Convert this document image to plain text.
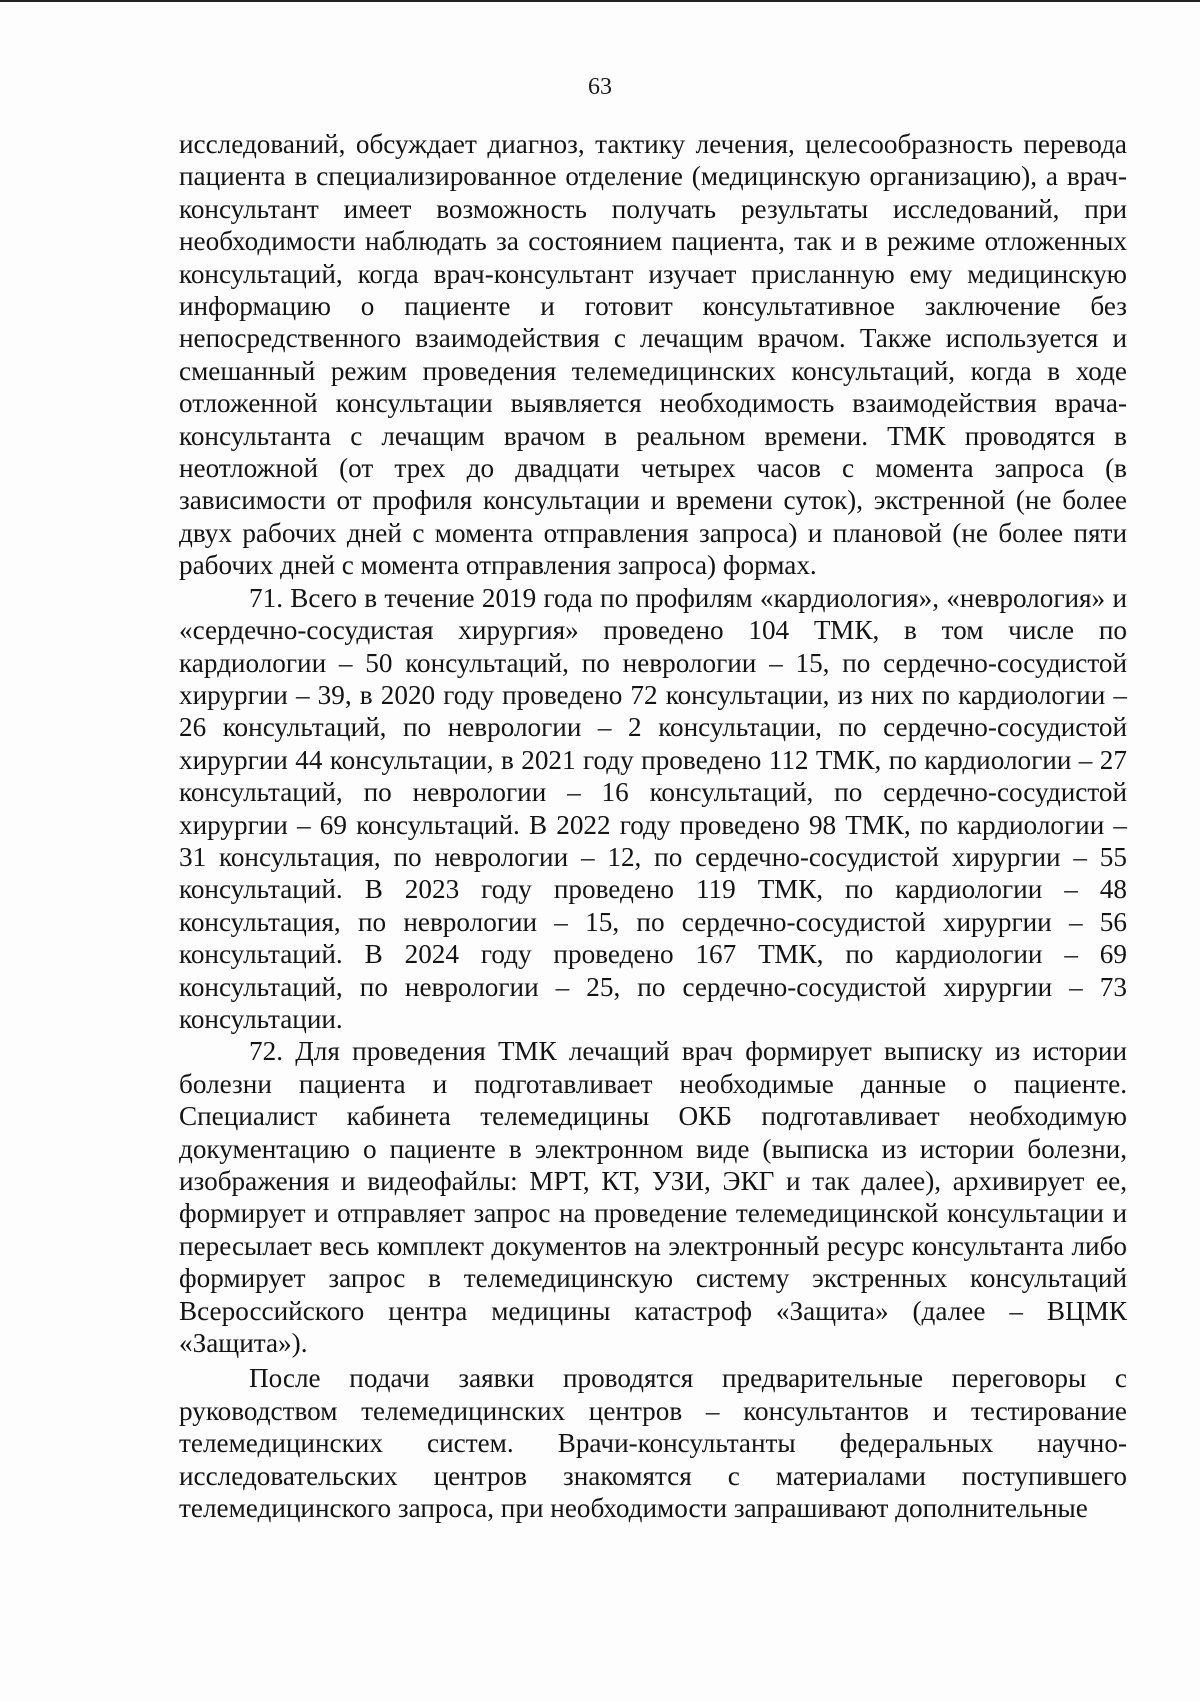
63

исследований, обсуждает диагноз, тактику лечения, целесообразность перевода пациента в специализированное отделение (медицинскую организацию), а врач-консультант имеет возможность получать результаты исследований, при необходимости наблюдать за состоянием пациента, так и в режиме отложенных консультаций, когда врач-консультант изучает присланную ему медицинскую информацию о пациенте и готовит консультативное заключение без непосредственного взаимодействия с лечащим врачом. Также используется и смешанный режим проведения телемедицинских консультаций, когда в ходе отложенной консультации выявляется необходимость взаимодействия врача-консультанта с лечащим врачом в реальном времени. ТМК проводятся в неотложной (от трех до двадцати четырех часов с момента запроса (в зависимости от профиля консультации и времени суток), экстренной (не более двух рабочих дней с момента отправления запроса) и плановой (не более пяти рабочих дней с момента отправления запроса) формах.

71. Всего в течение 2019 года по профилям «кардиология», «неврология» и «сердечно-сосудистая хирургия» проведено 104 ТМК, в том числе по кардиологии – 50 консультаций, по неврологии – 15, по сердечно-сосудистой хирургии – 39, в 2020 году проведено 72 консультации, из них по кардиологии – 26 консультаций, по неврологии – 2 консультации, по сердечно-сосудистой хирургии 44 консультации, в 2021 году проведено 112 ТМК, по кардиологии – 27 консультаций, по неврологии – 16 консультаций, по сердечно-сосудистой хирургии – 69 консультаций. В 2022 году проведено 98 ТМК, по кардиологии – 31 консультация, по неврологии – 12, по сердечно-сосудистой хирургии – 55 консультаций. В 2023 году проведено 119 ТМК, по кардиологии – 48 консультация, по неврологии – 15, по сердечно-сосудистой хирургии – 56 консультаций. В 2024 году проведено 167 ТМК, по кардиологии – 69 консультаций, по неврологии – 25, по сердечно-сосудистой хирургии – 73 консультации.

72. Для проведения ТМК лечащий врач формирует выписку из истории болезни пациента и подготавливает необходимые данные о пациенте. Специалист кабинета телемедицины ОКБ подготавливает необходимую документацию о пациенте в электронном виде (выписка из истории болезни, изображения и видеофайлы: МРТ, КТ, УЗИ, ЭКГ и так далее), архивирует ее, формирует и отправляет запрос на проведение телемедицинской консультации и пересылает весь комплект документов на электронный ресурс консультанта либо формирует запрос в телемедицинскую систему экстренных консультаций Всероссийского центра медицины катастроф «Защита» (далее – ВЦМК «Защита»).

После подачи заявки проводятся предварительные переговоры с руководством телемедицинских центров – консультантов и тестирование телемедицинских систем. Врачи-консультанты федеральных научно-исследовательских центров знакомятся с материалами поступившего телемедицинского запроса, при необходимости запрашивают дополнительные
